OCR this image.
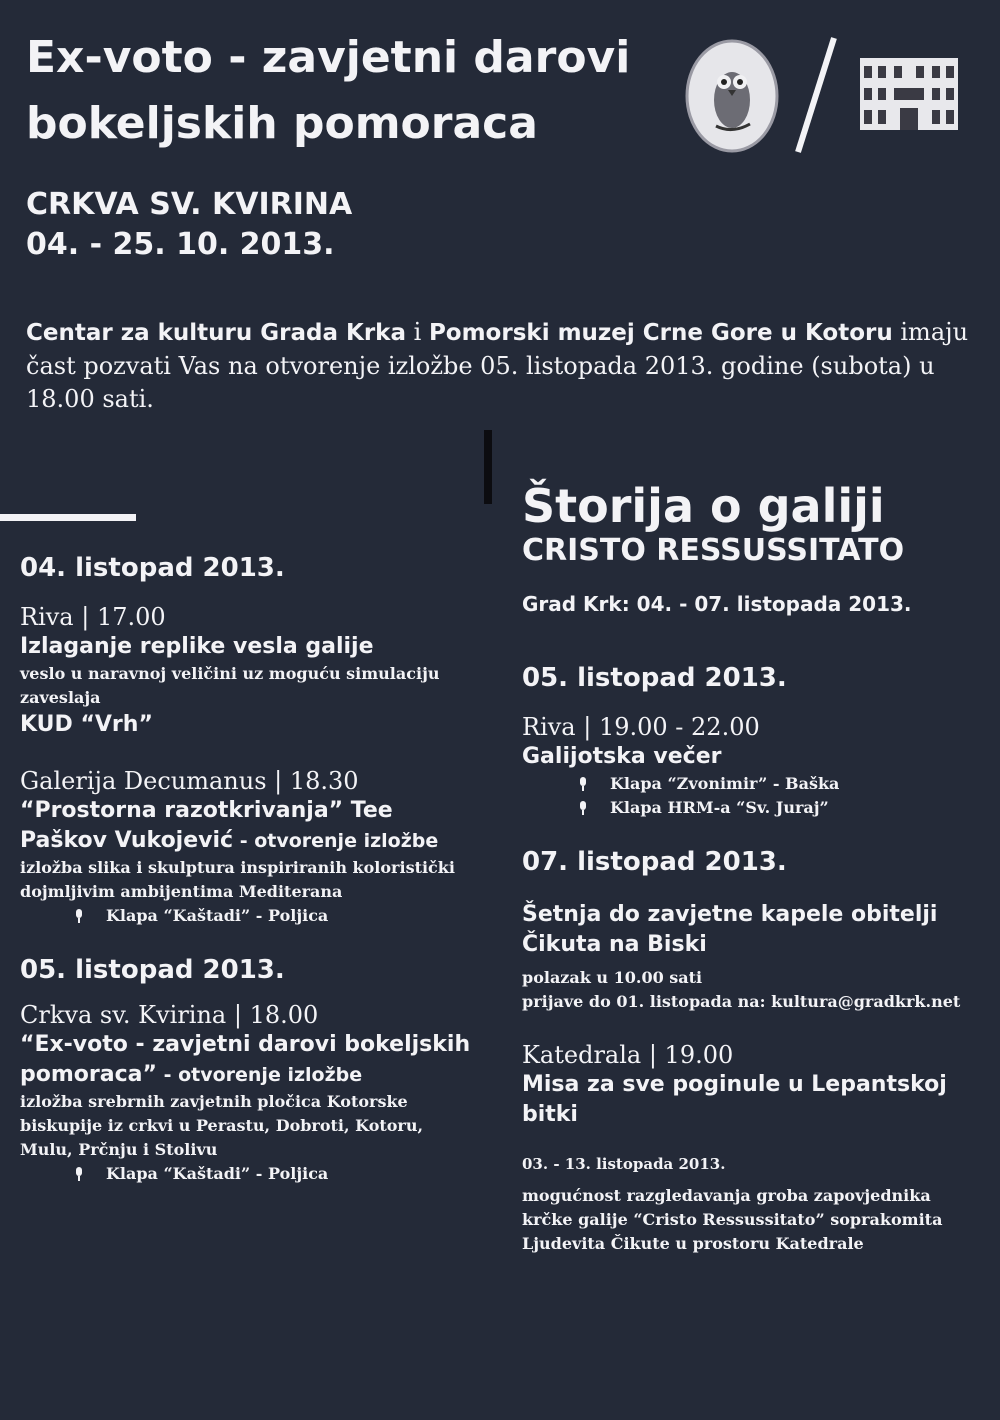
Ex-voto - zavjetni darovi
bokeljskih pomoraca
CRKVA SV. KVIRINA
04. - 25. 10. 2013.
Centar za kulturu Grada Krka i Pomorski muzej Crne Gore u Kotoru imaju čast pozvati Vas na otvorenje izložbe 05. listopada 2013. godine (subota) u 18.00 sati.
04. listopad 2013.
Riva | 17.00
Izlaganje replike vesla galije
veslo u naravnoj veličini uz moguću simulaciju zaveslaja
KUD “Vrh”
Galerija Decumanus | 18.30
“Prostorna razotkrivanja” Tee Paškov Vukojević - otvorenje izložbe
izložba slika i skulptura inspiriranih koloristički dojmljivim ambijentima Mediterana
Klapa “Kaštadi” - Poljica
05. listopad 2013.
Crkva sv. Kvirina | 18.00
“Ex-voto - zavjetni darovi bokeljskih pomoraca” - otvorenje izložbe
izložba srebrnih zavjetnih pločica Kotorske biskupije iz crkvi u Perastu, Dobroti, Kotoru, Mulu, Prčnju i Stolivu
Klapa “Kaštadi” - Poljica
Štorija o galiji
CRISTO RESSUSSITATO
Grad Krk: 04. - 07. listopada 2013.
05. listopad 2013.
Riva | 19.00 - 22.00
Galijotska večer
Klapa “Zvonimir” - Baška
Klapa HRM-a “Sv. Juraj”
07. listopad 2013.
Šetnja do zavjetne kapele obitelji Čikuta na Biski
polazak u 10.00 sati
prijave do 01. listopada na: kultura@gradkrk.net
Katedrala | 19.00
Misa za sve poginule u Lepantskoj bitki
03. - 13. listopada 2013.
mogućnost razgledavanja groba zapovjednika krčke galije “Cristo Ressussitato” soprakomita Ljudevita Čikute u prostoru Katedrale
